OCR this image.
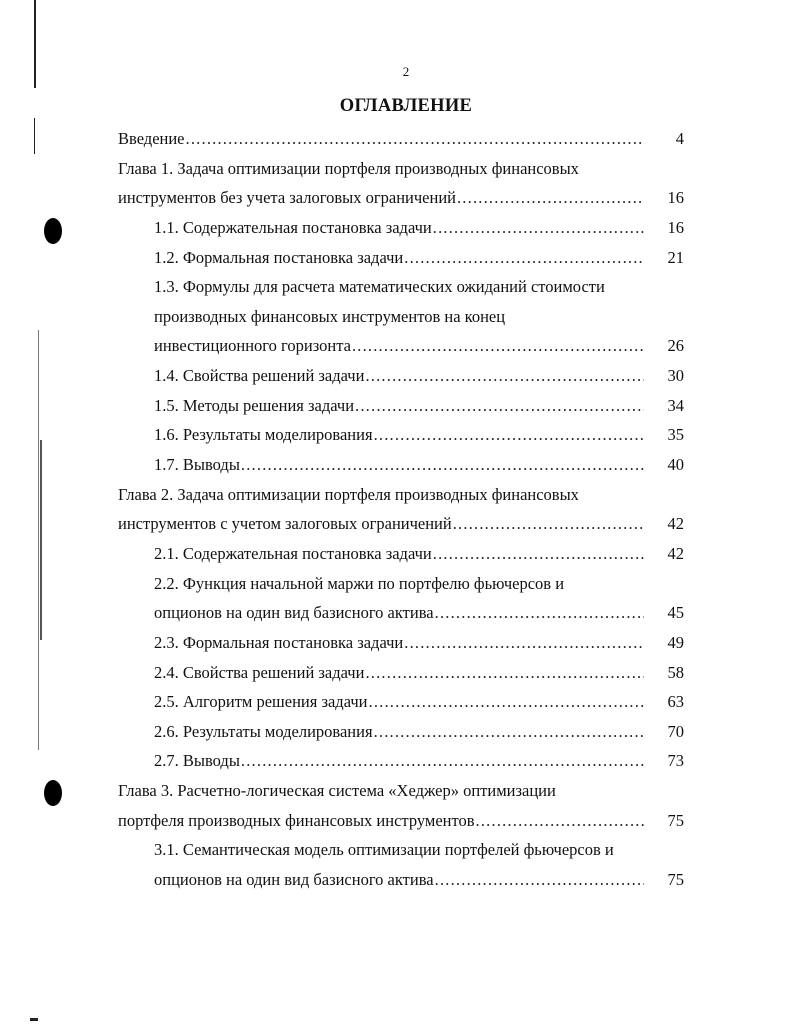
2
ОГЛАВЛЕНИЕ
Введение .....	4
Глава 1. Задача оптимизации портфеля производных финансовых
инструментов без учета залоговых ограничений .....	16
1.1. Содержательная постановка задачи .....	16
1.2. Формальная постановка задачи .....	21
1.3. Формулы для расчета математических ожиданий стоимости
производных финансовых инструментов на конец
инвестиционного горизонта .....	26
1.4. Свойства решений задачи .....	30
1.5. Методы решения задачи .....	34
1.6. Результаты моделирования .....	35
1.7. Выводы .....	40
Глава 2. Задача оптимизации портфеля производных финансовых
инструментов с учетом залоговых ограничений .....	42
2.1. Содержательная постановка задачи .....	42
2.2. Функция начальной маржи по портфелю фьючерсов и
опционов на один вид базисного актива .....	45
2.3. Формальная постановка задачи .....	49
2.4. Свойства решений задачи .....	58
2.5. Алгоритм решения задачи .....	63
2.6. Результаты моделирования .....	70
2.7. Выводы .....	73
Глава 3. Расчетно-логическая система «Хеджер» оптимизации
портфеля производных финансовых инструментов .....	75
3.1. Семантическая модель оптимизации портфелей фьючерсов и
опционов на один вид базисного актива .....	75
